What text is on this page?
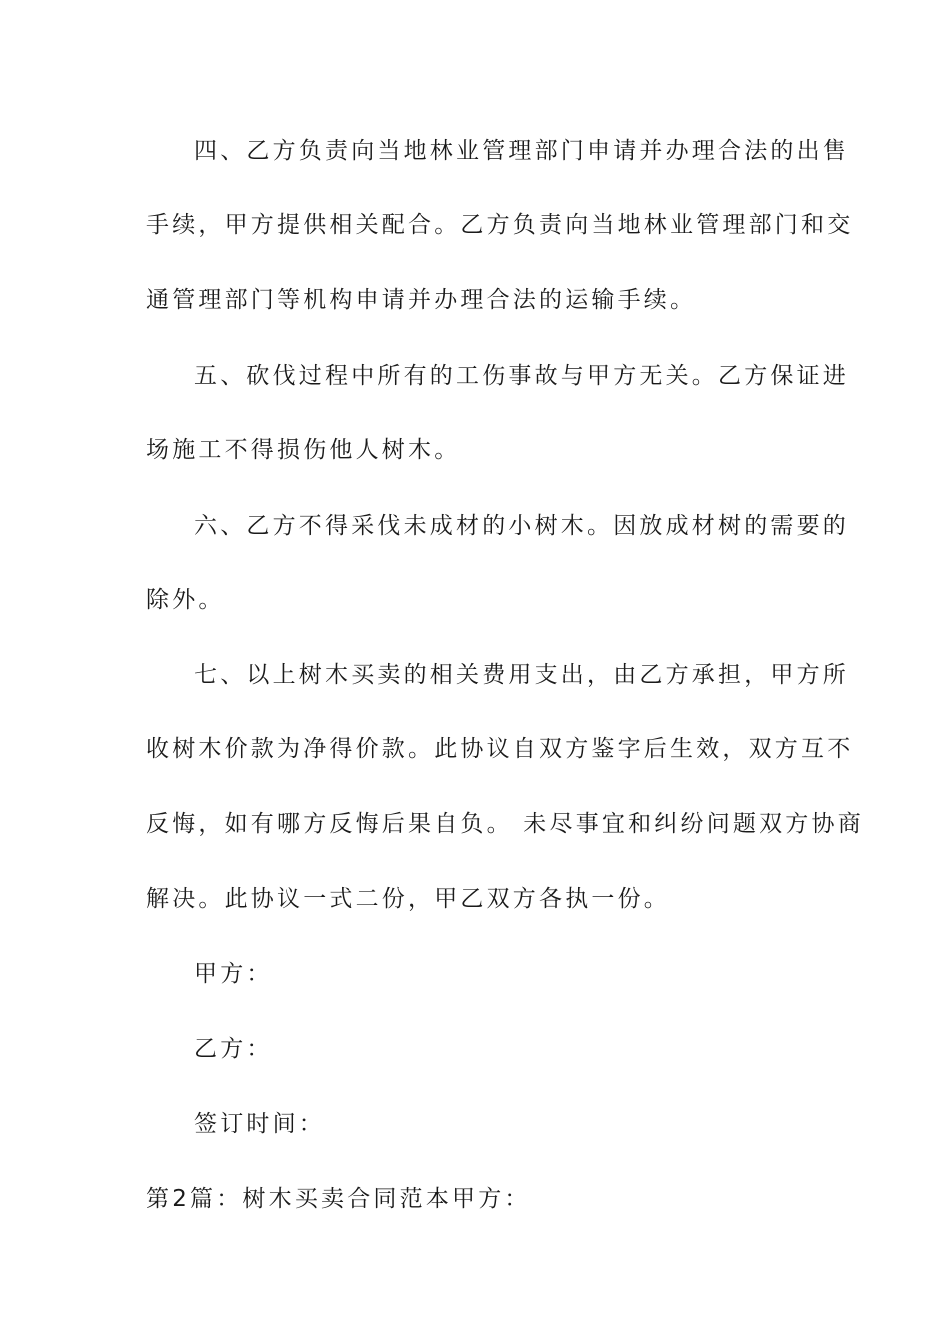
四、乙方负责向当地林业管理部门申请并办理合法的出售
手续，甲方提供相关配合。乙方负责向当地林业管理部门和交
通管理部门等机构申请并办理合法的运输手续。
五、砍伐过程中所有的工伤事故与甲方无关。乙方保证进
场施工不得损伤他人树木。
六、乙方不得采伐未成材的小树木。因放成材树的需要的
除外。
七、以上树木买卖的相关费用支出，由乙方承担，甲方所
收树木价款为净得价款。此协议自双方鉴字后生效，双方互不
反悔，如有哪方反悔后果自负。 未尽事宜和纠纷问题双方协商
解决。此协议一式二份，甲乙双方各执一份。
甲方：
乙方：
签订时间：
第2篇：树木买卖合同范本甲方：
